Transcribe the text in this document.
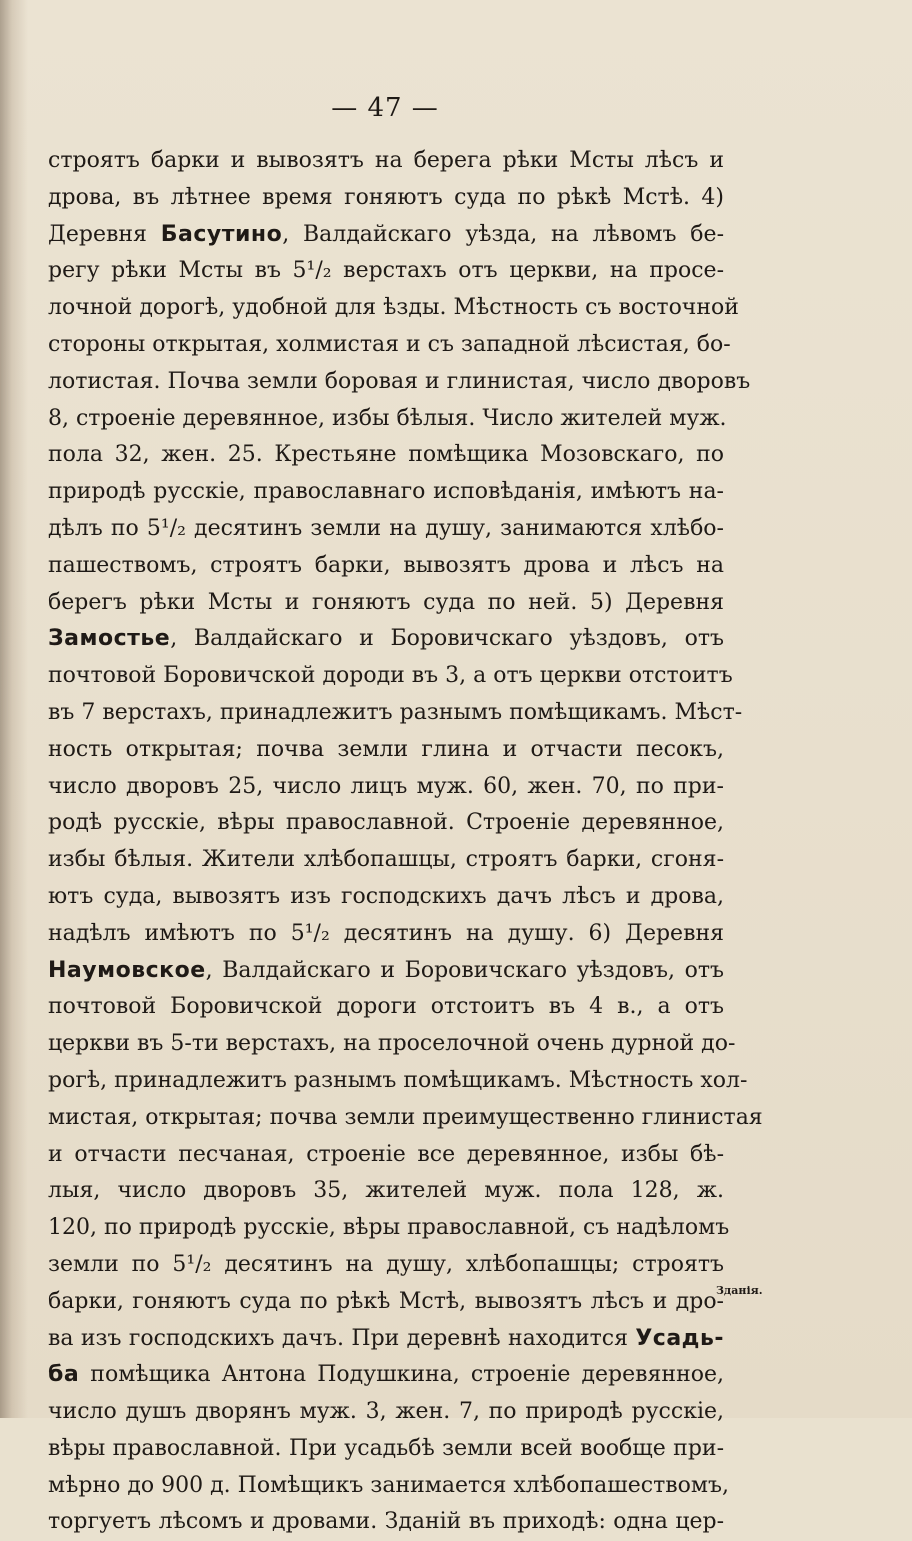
— 47 —
строятъ барки и вывозятъ на берега рѣки Мсты лѣсъ и
дрова, въ лѣтнее время гоняютъ суда по рѣкѣ Мстѣ. 4)
Деревня Басутино, Валдайскаго уѣзда, на лѣвомъ бе-
регу рѣки Мсты въ 5¹/₂ верстахъ отъ церкви, на просе-
лочной дорогѣ, удобной для ѣзды. Мѣстность съ восточной
стороны открытая, холмистая и съ западной лѣсистая, бо-
лотистая. Почва земли боровая и глинистая, число дворовъ
8, строеніе деревянное, избы бѣлыя. Число жителей муж.
пола 32, жен. 25. Крестьяне помѣщика Мозовскаго, по
природѣ русскіе, православнаго исповѣданія, имѣютъ на-
дѣлъ по 5¹/₂ десятинъ земли на душу, занимаются хлѣбо-
пашествомъ, строятъ барки, вывозятъ дрова и лѣсъ на
берегъ рѣки Мсты и гоняютъ суда по ней. 5) Деревня
Замостье, Валдайскаго и Боровичскаго уѣздовъ, отъ
почтовой Боровичской дороди въ 3, а отъ церкви отстоитъ
въ 7 верстахъ, принадлежитъ разнымъ помѣщикамъ. Мѣст-
ность открытая; почва земли глина и отчасти песокъ,
число дворовъ 25, число лицъ муж. 60, жен. 70, по при-
родѣ русскіе, вѣры православной. Строеніе деревянное,
избы бѣлыя. Жители хлѣбопашцы, строятъ барки, сгоня-
ютъ суда, вывозятъ изъ господскихъ дачъ лѣсъ и дрова,
надѣлъ имѣютъ по 5¹/₂ десятинъ на душу. 6) Деревня
Наумовское, Валдайскаго и Боровичскаго уѣздовъ, отъ
почтовой Боровичской дороги отстоитъ въ 4 в., а отъ
церкви въ 5-ти верстахъ, на проселочной очень дурной до-
рогѣ, принадлежитъ разнымъ помѣщикамъ. Мѣстность хол-
мистая, открытая; почва земли преимущественно глинистая
и отчасти песчаная, строеніе все деревянное, избы бѣ-
лыя, число дворовъ 35, жителей муж. пола 128, ж.
120, по природѣ русскіе, вѣры православной, съ надѣломъ
земли по 5¹/₂ десятинъ на душу, хлѣбопашцы; строятъ
барки, гоняютъ суда по рѣкѣ Мстѣ, вывозятъ лѣсъ и дро-
ва изъ господскихъ дачъ. При деревнѣ находится Усадь-
ба помѣщика Антона Подушкина, строеніе деревянное,
число душъ дворянъ муж. 3, жен. 7, по природѣ русскіе,
вѣры православной. При усадьбѣ земли всей вообще при-
мѣрно до 900 д. Помѣщикъ занимается хлѣбопашествомъ,
торгуетъ лѣсомъ и дровами. Зданій въ приходѣ: одна цер-
Зданія.
